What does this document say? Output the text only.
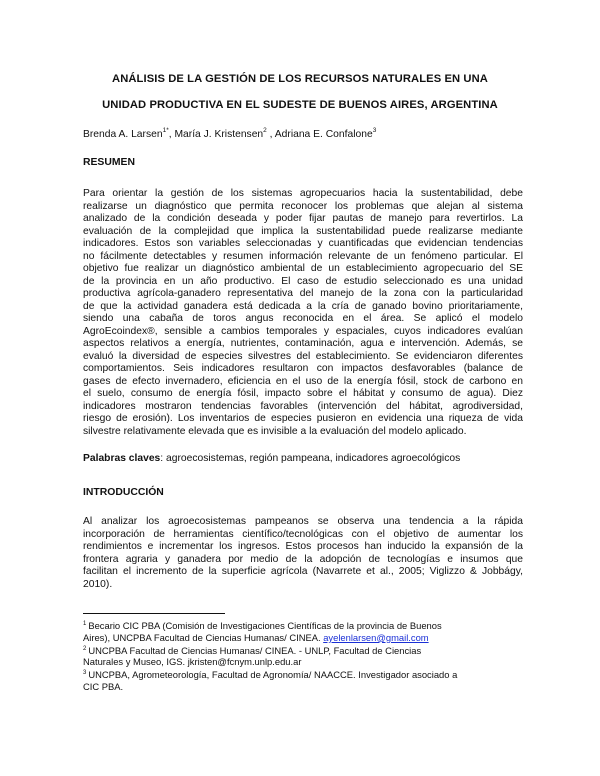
ANÁLISIS DE LA GESTIÓN DE LOS RECURSOS NATURALES EN UNA
UNIDAD PRODUCTIVA EN EL SUDESTE DE BUENOS AIRES, ARGENTINA
Brenda A. Larsen$^{1*}$, María J. Kristensen$^2$ , Adriana E. Confalone$^3$
RESUMEN
Para orientar la gestión de los sistemas agropecuarios hacia la sustentabilidad, debe
realizarse un diagnóstico que permita reconocer los problemas que alejan al sistema
analizado de la condición deseada y poder fijar pautas de manejo para revertirlos. La
evaluación de la complejidad que implica la sustentabilidad puede realizarse mediante
indicadores. Estos son variables seleccionadas y cuantificadas que evidencian tendencias
no fácilmente detectables y resumen información relevante de un fenómeno particular. El
objetivo fue realizar un diagnóstico ambiental de un establecimiento agropecuario del SE
de la provincia en un año productivo. El caso de estudio seleccionado es una unidad
productiva agrícola-ganadero representativa del manejo de la zona con la particularidad
de que la actividad ganadera está dedicada a la cría de ganado bovino prioritariamente,
siendo una cabaña de toros angus reconocida en el área. Se aplicó el modelo
AgroEcoindex®, sensible a cambios temporales y espaciales, cuyos indicadores evalúan
aspectos relativos a energía, nutrientes, contaminación, agua e intervención. Además, se
evaluó la diversidad de especies silvestres del establecimiento. Se evidenciaron diferentes
comportamientos. Seis indicadores resultaron con impactos desfavorables (balance de
gases de efecto invernadero, eficiencia en el uso de la energía fósil, stock de carbono en
el suelo, consumo de energía fósil, impacto sobre el hábitat y consumo de agua). Diez
indicadores mostraron tendencias favorables (intervención del hábitat, agrodiversidad,
riesgo de erosión). Los inventarios de especies pusieron en evidencia una riqueza de vida
silvestre relativamente elevada que es invisible a la evaluación del modelo aplicado.
Palabras claves: agroecosistemas, región pampeana, indicadores agroecológicos
INTRODUCCIÓN
Al analizar los agroecosistemas pampeanos se observa una tendencia a la rápida
incorporación de herramientas científico/tecnológicas con el objetivo de aumentar los
rendimientos e incrementar los ingresos. Estos procesos han inducido la expansión de la
frontera agraria y ganadera por medio de la adopción de tecnologías e insumos que
facilitan el incremento de la superficie agrícola (Navarrete et al., 2005; Viglizzo & Jobbágy,
2010).
$^1$ Becario CIC PBA (Comisión de Investigaciones Científicas de la provincia de Buenos
Aires), UNCPBA Facultad de Ciencias Humanas/ CINEA. ayelenlarsen@gmail.com
$^2$ UNCPBA Facultad de Ciencias Humanas/ CINEA. - UNLP, Facultad de Ciencias
Naturales y Museo, IGS. jkristen@fcnym.unlp.edu.ar
$^3$ UNCPBA, Agrometeorología, Facultad de Agronomía/ NAACCE. Investigador asociado a
CIC PBA.
